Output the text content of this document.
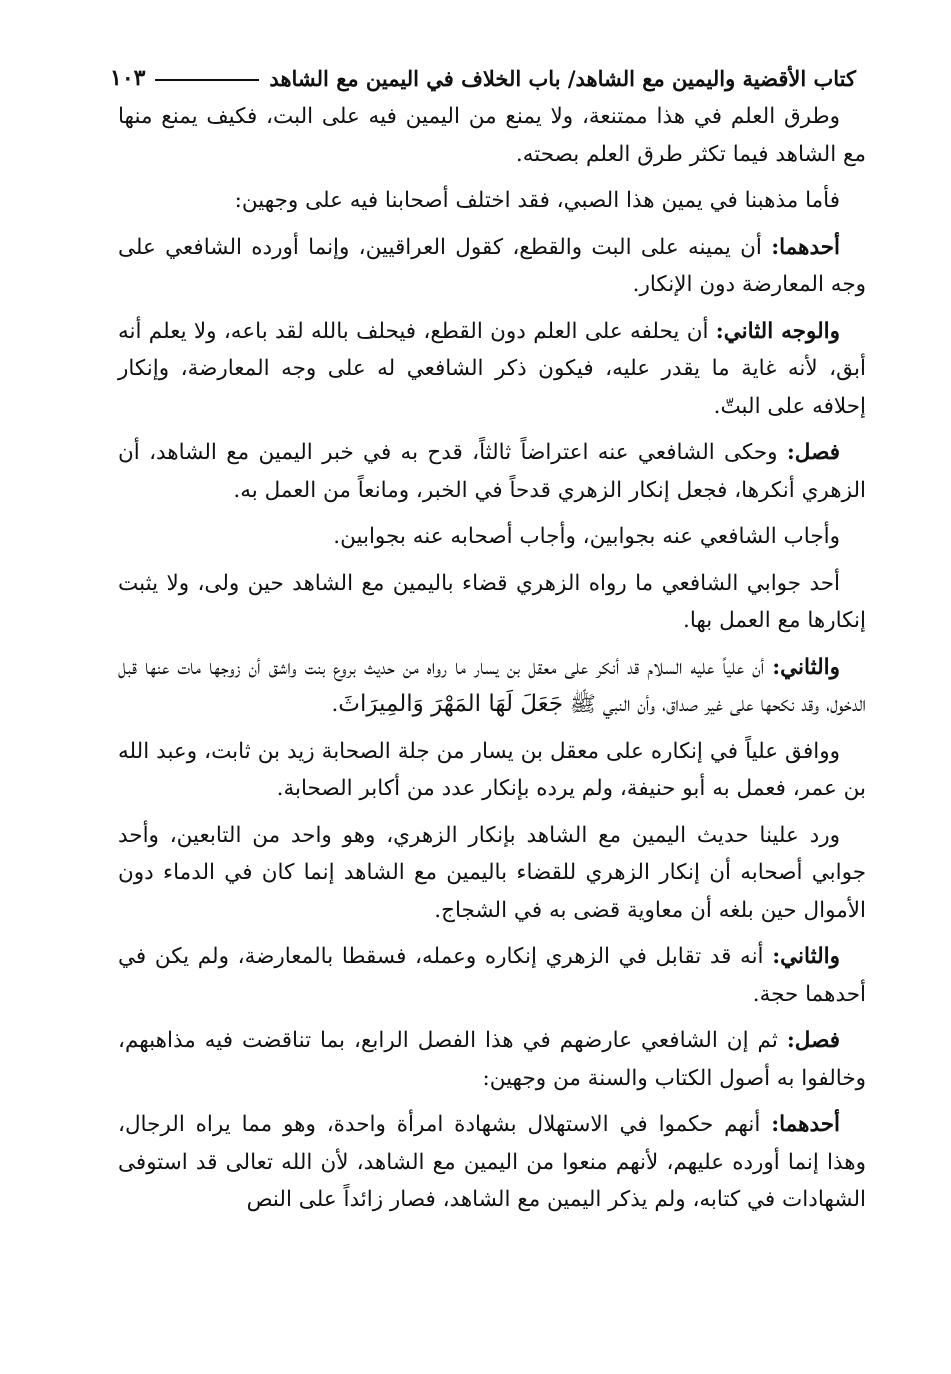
كتاب الأقضية واليمين مع الشاهد/ باب الخلاف في اليمين مع الشاهد
١٠٣

وطرق العلم في هذا ممتنعة، ولا يمنع من اليمين فيه على البت، فكيف يمنع منها مع الشاهد فيما تكثر طرق العلم بصحته.

فأما مذهبنا في يمين هذا الصبي، فقد اختلف أصحابنا فيه على وجهين:

أحدهما: أن يمينه على البت والقطع، كقول العراقيين، وإنما أورده الشافعي على وجه المعارضة دون الإنكار.

والوجه الثاني: أن يحلفه على العلم دون القطع، فيحلف بالله لقد باعه، ولا يعلم أنه أبق، لأنه غاية ما يقدر عليه، فيكون ذكر الشافعي له على وجه المعارضة، وإنكار إحلافه على البتّ.

فصل: وحكى الشافعي عنه اعتراضاً ثالثاً، قدح به في خبر اليمين مع الشاهد، أن الزهري أنكرها، فجعل إنكار الزهري قدحاً في الخبر، ومانعاً من العمل به.

وأجاب الشافعي عنه بجوابين، وأجاب أصحابه عنه بجوابين.

أحد جوابي الشافعي ما رواه الزهري قضاء باليمين مع الشاهد حين ولى، ولا يثبت إنكارها مع العمل بها.

والثاني: أن علياً عليه السلام قد أنكر على معقل بن يسار ما رواه من حديث بروع بنت واشق أن زوجها مات عنها قبل الدخول، وقد نكحها على غير صداق، وأن النبي ﷺ جَعَلَ لَهَا المَهْرَ وَالمِيرَاثَ.

ووافق علياً في إنكاره على معقل بن يسار من جلة الصحابة زيد بن ثابت، وعبد الله بن عمر، فعمل به أبو حنيفة، ولم يرده بإنكار عدد من أكابر الصحابة.

ورد علينا حديث اليمين مع الشاهد بإنكار الزهري، وهو واحد من التابعين، وأحد جوابي أصحابه أن إنكار الزهري للقضاء باليمين مع الشاهد إنما كان في الدماء دون الأموال حين بلغه أن معاوية قضى به في الشجاج.

والثاني: أنه قد تقابل في الزهري إنكاره وعمله، فسقطا بالمعارضة، ولم يكن في أحدهما حجة.

فصل: ثم إن الشافعي عارضهم في هذا الفصل الرابع، بما تناقضت فيه مذاهبهم، وخالفوا به أصول الكتاب والسنة من وجهين:

أحدهما: أنهم حكموا في الاستهلال بشهادة امرأة واحدة، وهو مما يراه الرجال، وهذا إنما أورده عليهم، لأنهم منعوا من اليمين مع الشاهد، لأن الله تعالى قد استوفى الشهادات في كتابه، ولم يذكر اليمين مع الشاهد، فصار زائداً على النص
